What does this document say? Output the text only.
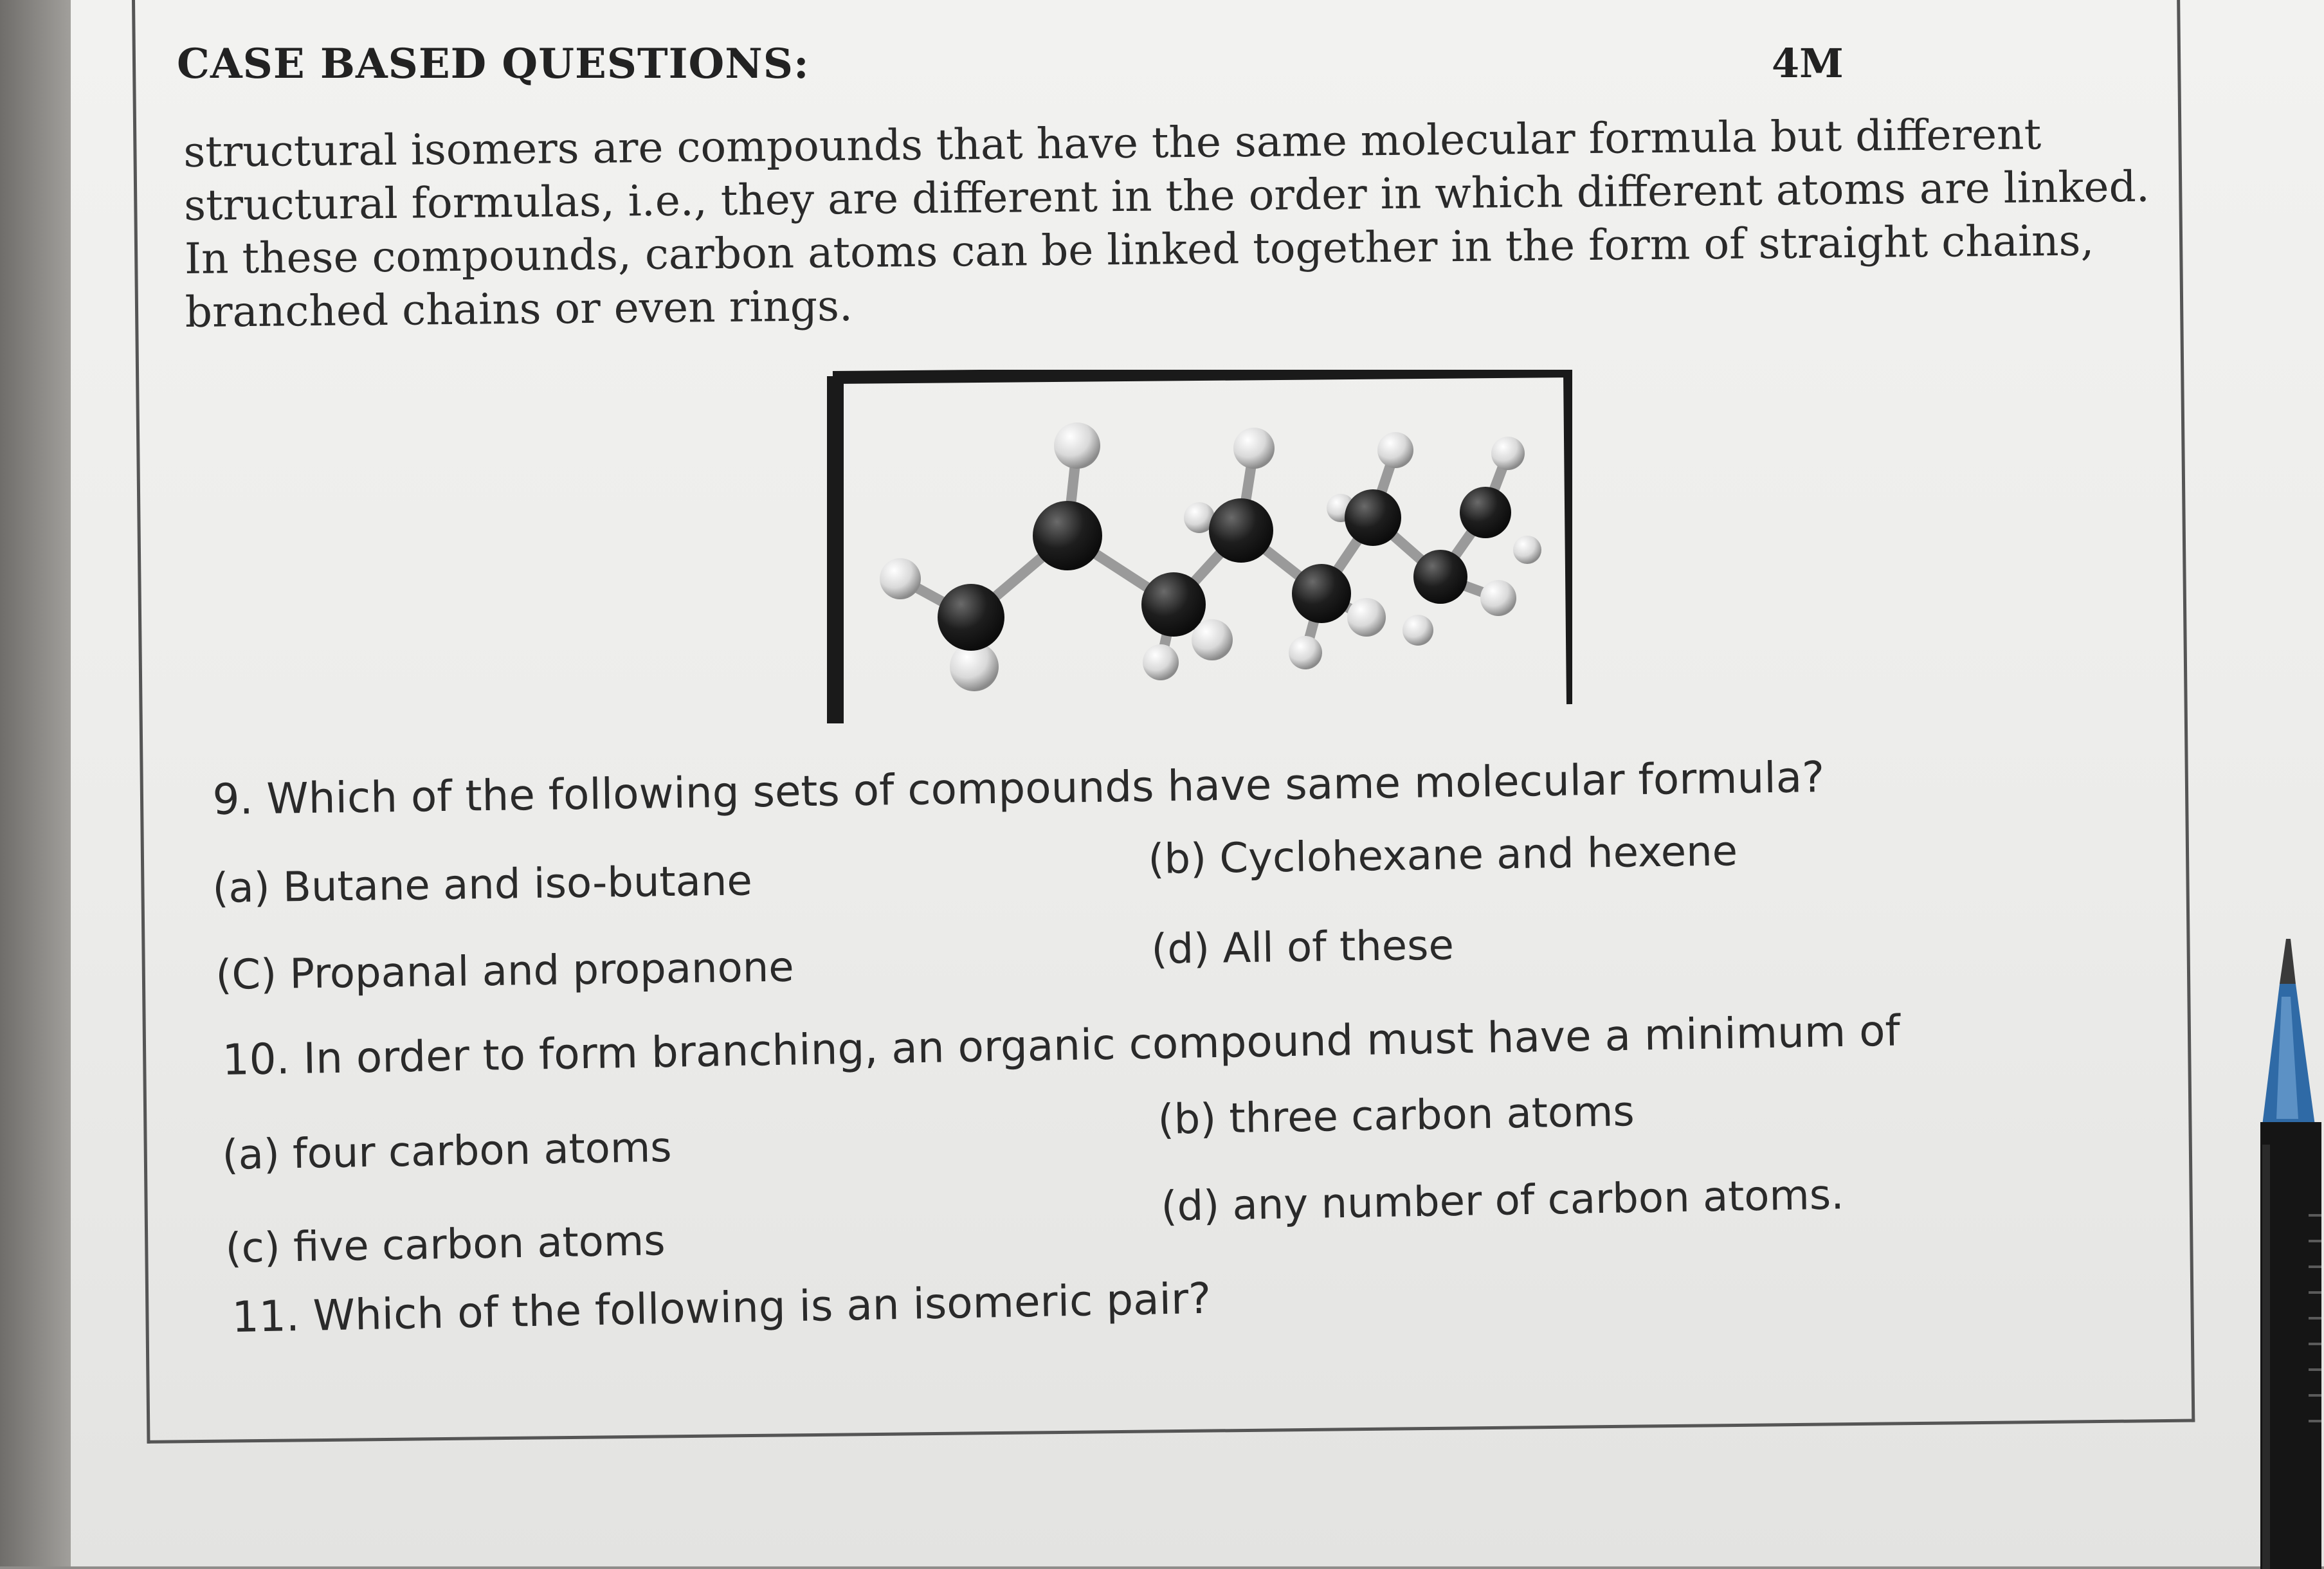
CASE BASED QUESTIONS:	4M
structural isomers are compounds that have the same molecular formula but different
structural formulas, i.e., they are different in the order in which different atoms are linked.
In these compounds, carbon atoms can be linked together in the form of straight chains,
branched chains or even rings.
9. Which of the following sets of compounds have same molecular formula?
(a) Butane and iso-butane
(b) Cyclohexane and hexene
(C) Propanal and propanone	(d) All of these
10. In order to form branching, an organic compound must have a minimum of
(a) four carbon atoms
(b) three carbon atoms
(c) five carbon atoms
(d) any number of carbon atoms.
11. Which of the following is an isomeric pair?
